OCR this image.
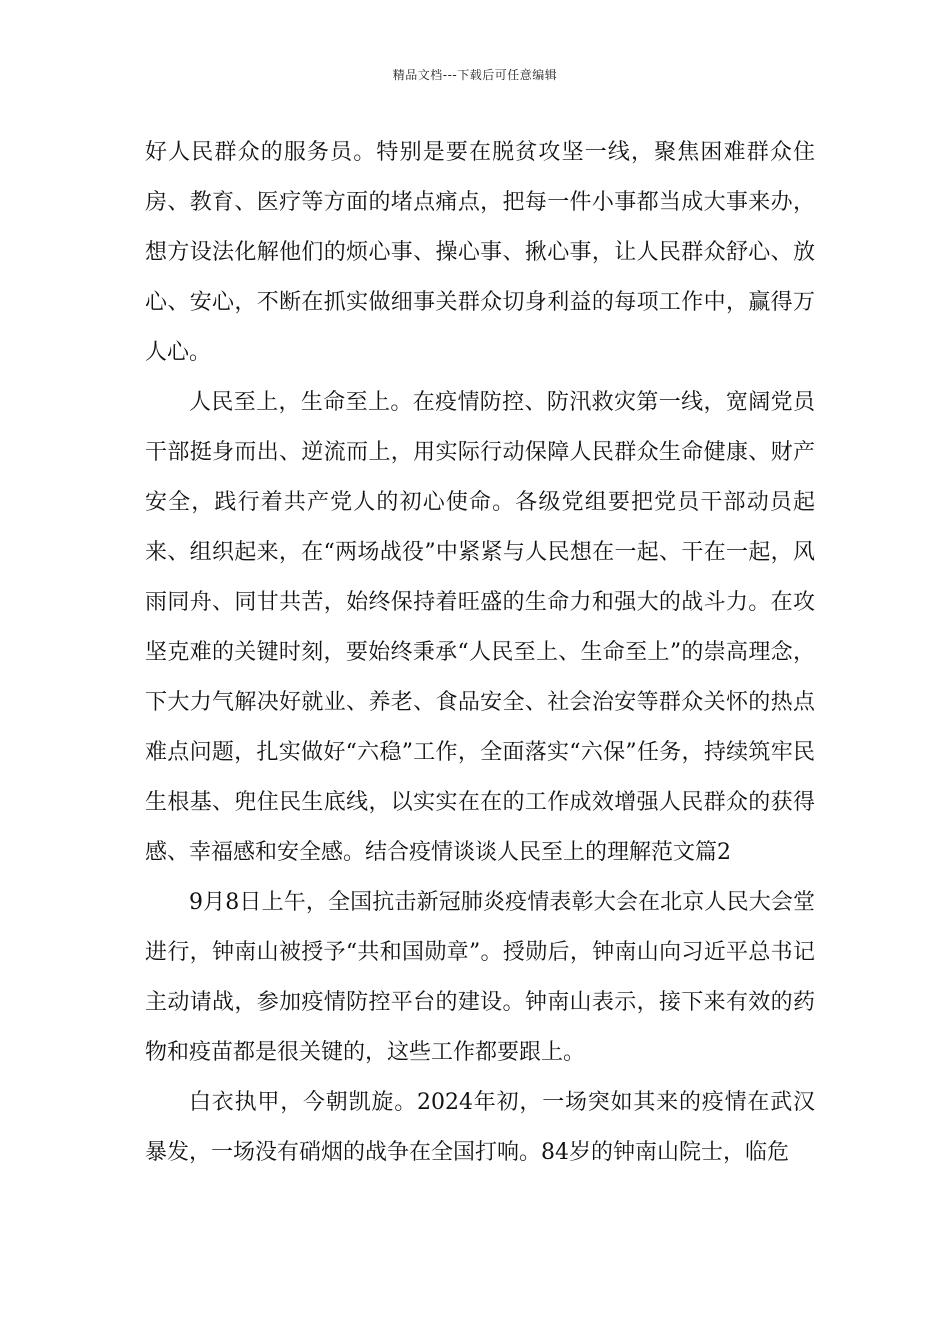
精品文档---下载后可任意编辑

好人民群众的服务员。特别是要在脱贫攻坚一线，聚焦困难群众住房、教育、医疗等方面的堵点痛点，把每一件小事都当成大事来办，想方设法化解他们的烦心事、操心事、揪心事，让人民群众舒心、放心、安心，不断在抓实做细事关群众切身利益的每项工作中，赢得万人心。

人民至上，生命至上。在疫情防控、防汛救灾第一线，宽阔党员干部挺身而出、逆流而上，用实际行动保障人民群众生命健康、财产安全，践行着共产党人的初心使命。各级党组要把党员干部动员起来、组织起来，在“两场战役”中紧紧与人民想在一起、干在一起，风雨同舟、同甘共苦，始终保持着旺盛的生命力和强大的战斗力。在攻坚克难的关键时刻，要始终秉承“人民至上、生命至上”的崇高理念，下大力气解决好就业、养老、食品安全、社会治安等群众关怀的热点难点问题，扎实做好“六稳”工作，全面落实“六保”任务，持续筑牢民生根基、兜住民生底线，以实实在在的工作成效增强人民群众的获得感、幸福感和安全感。结合疫情谈谈人民至上的理解范文篇2

9月8日上午，全国抗击新冠肺炎疫情表彰大会在北京人民大会堂进行，钟南山被授予“共和国勋章”。授勋后，钟南山向习近平总书记主动请战，参加疫情防控平台的建设。钟南山表示，接下来有效的药物和疫苗都是很关键的，这些工作都要跟上。

白衣执甲，今朝凯旋。2024年初，一场突如其来的疫情在武汉暴发，一场没有硝烟的战争在全国打响。84岁的钟南山院士，临危
